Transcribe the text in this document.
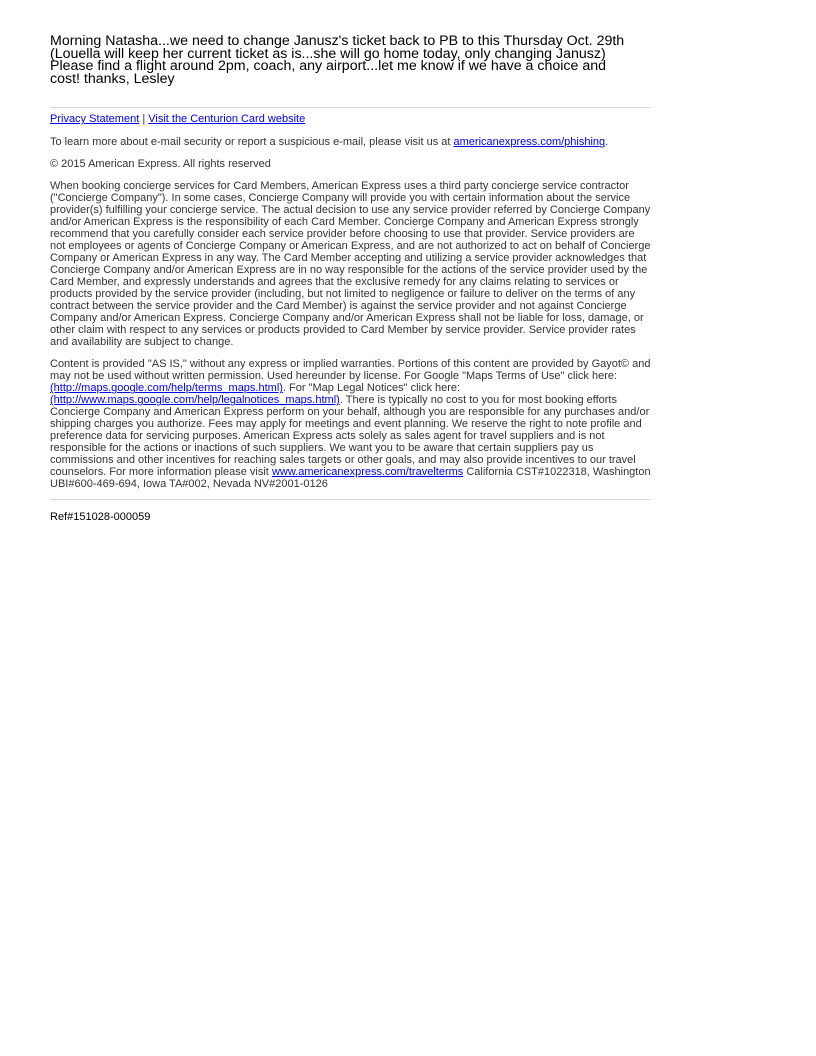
Morning Natasha...we need to change Janusz's ticket back to PB to this Thursday Oct. 29th
(Louella will keep her current ticket as is...she will go home today, only changing Janusz)
Please find a flight around 2pm, coach, any airport...let me know if we have a choice and
cost! thanks, Lesley
Privacy Statement | Visit the Centurion Card website

To learn more about e-mail security or report a suspicious e-mail, please visit us at americanexpress.com/phishing.

© 2015 American Express. All rights reserved

When booking concierge services for Card Members, American Express uses a third party concierge service contractor ("Concierge Company"). In some cases, Concierge Company will provide you with certain information about the service provider(s) fulfilling your concierge service. The actual decision to use any service provider referred by Concierge Company and/or American Express is the responsibility of each Card Member. Concierge Company and American Express strongly recommend that you carefully consider each service provider before choosing to use that provider. Service providers are not employees or agents of Concierge Company or American Express, and are not authorized to act on behalf of Concierge Company or American Express in any way. The Card Member accepting and utilizing a service provider acknowledges that Concierge Company and/or American Express are in no way responsible for the actions of the service provider used by the Card Member, and expressly understands and agrees that the exclusive remedy for any claims relating to services or products provided by the service provider (including, but not limited to negligence or failure to deliver on the terms of any contract between the service provider and the Card Member) is against the service provider and not against Concierge Company and/or American Express. Concierge Company and/or American Express shall not be liable for loss, damage, or other claim with respect to any services or products provided to Card Member by service provider. Service provider rates and availability are subject to change.

Content is provided "AS IS," without any express or implied warranties. Portions of this content are provided by Gayot© and may not be used without written permission. Used hereunder by license. For Google "Maps Terms of Use" click here: (http://maps.google.com/help/terms_maps.html). For "Map Legal Notices" click here: (http://www.maps.google.com/help/legalnotices_maps.html). There is typically no cost to you for most booking efforts Concierge Company and American Express perform on your behalf, although you are responsible for any purchases and/or shipping charges you authorize. Fees may apply for meetings and event planning. We reserve the right to note profile and preference data for servicing purposes. American Express acts solely as sales agent for travel suppliers and is not responsible for the actions or inactions of such suppliers. We want you to be aware that certain suppliers pay us commissions and other incentives for reaching sales targets or other goals, and may also provide incentives to our travel counselors. For more information please visit www.americanexpress.com/travelterms California CST#1022318, Washington UBI#600-469-694, Iowa TA#002, Nevada NV#2001-0126

Ref#151028-000059
